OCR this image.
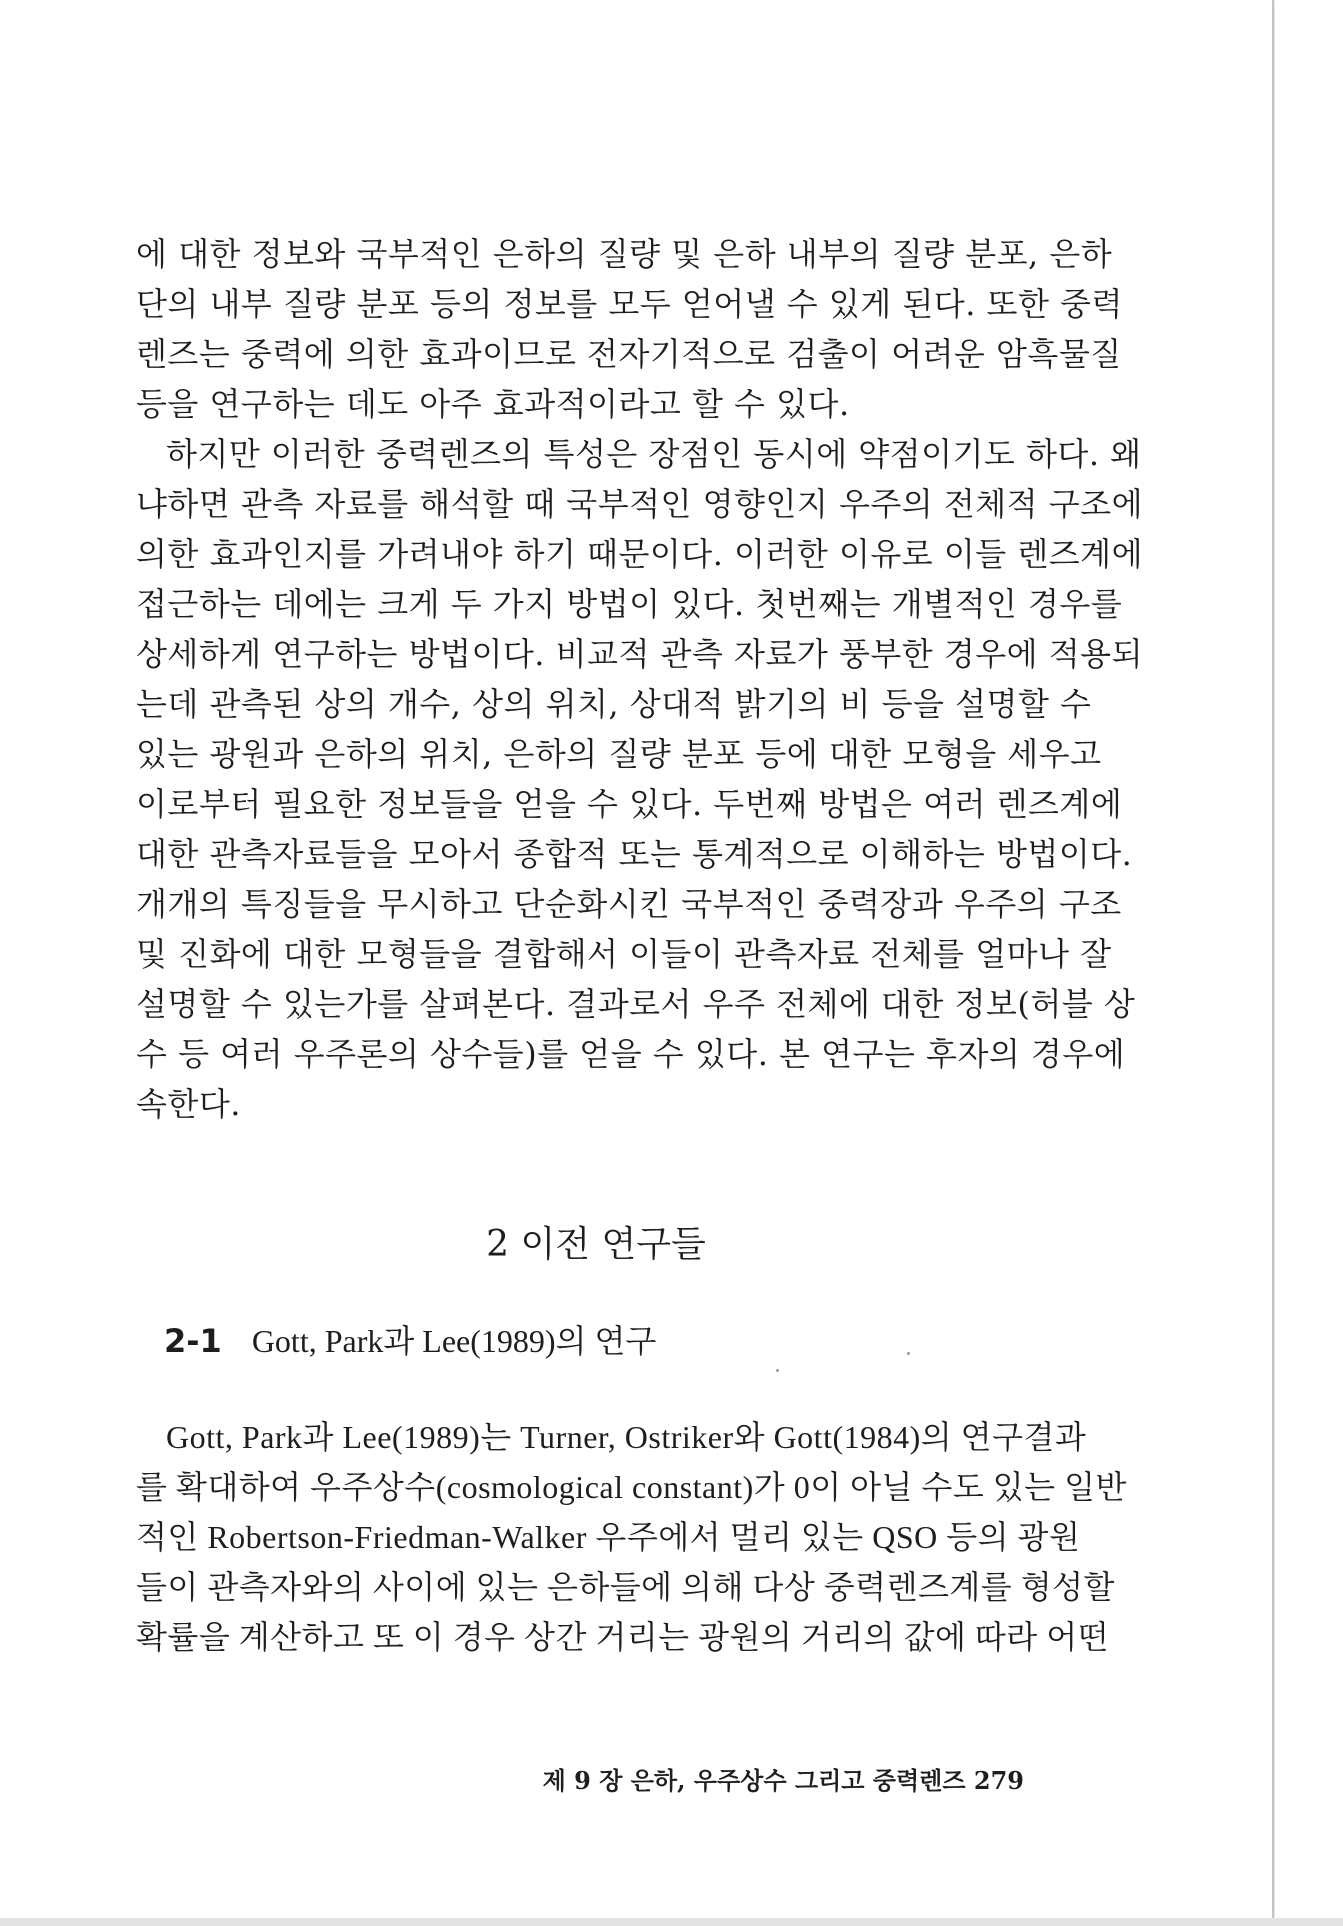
에 대한 정보와 국부적인 은하의 질량 및 은하 내부의 질량 분포, 은하

단의 내부 질량 분포 등의 정보를 모두 얻어낼 수 있게 된다. 또한 중력

렌즈는 중력에 의한 효과이므로 전자기적으로 검출이 어려운 암흑물질

등을 연구하는 데도 아주 효과적이라고 할 수 있다.

하지만 이러한 중력렌즈의 특성은 장점인 동시에 약점이기도 하다. 왜

냐하면 관측 자료를 해석할 때 국부적인 영향인지 우주의 전체적 구조에

의한 효과인지를 가려내야 하기 때문이다. 이러한 이유로 이들 렌즈계에

접근하는 데에는 크게 두 가지 방법이 있다. 첫번째는 개별적인 경우를

상세하게 연구하는 방법이다. 비교적 관측 자료가 풍부한 경우에 적용되

는데 관측된 상의 개수, 상의 위치, 상대적 밝기의 비 등을 설명할 수

있는 광원과 은하의 위치, 은하의 질량 분포 등에 대한 모형을 세우고

이로부터 필요한 정보들을 얻을 수 있다. 두번째 방법은 여러 렌즈계에

대한 관측자료들을 모아서 종합적 또는 통계적으로 이해하는 방법이다.

개개의 특징들을 무시하고 단순화시킨 국부적인 중력장과 우주의 구조

및 진화에 대한 모형들을 결합해서 이들이 관측자료 전체를 얼마나 잘

설명할 수 있는가를 살펴본다. 결과로서 우주 전체에 대한 정보(허블 상

수 등 여러 우주론의 상수들)를 얻을 수 있다. 본 연구는 후자의 경우에

속한다.

2 이전 연구들
2-1 Gott, Park과 Lee(1989)의 연구

Gott, Park과 Lee(1989)는 Turner, Ostriker와 Gott(1984)의 연구결과

를 확대하여 우주상수(cosmological constant)가 0이 아닐 수도 있는 일반

적인 Robertson-Friedman-Walker 우주에서 멀리 있는 QSO 등의 광원

들이 관측자와의 사이에 있는 은하들에 의해 다상 중력렌즈계를 형성할

확률을 계산하고 또 이 경우 상간 거리는 광원의 거리의 값에 따라 어떤

제 9 장 은하, 우주상수 그리고 중력렌즈 279
